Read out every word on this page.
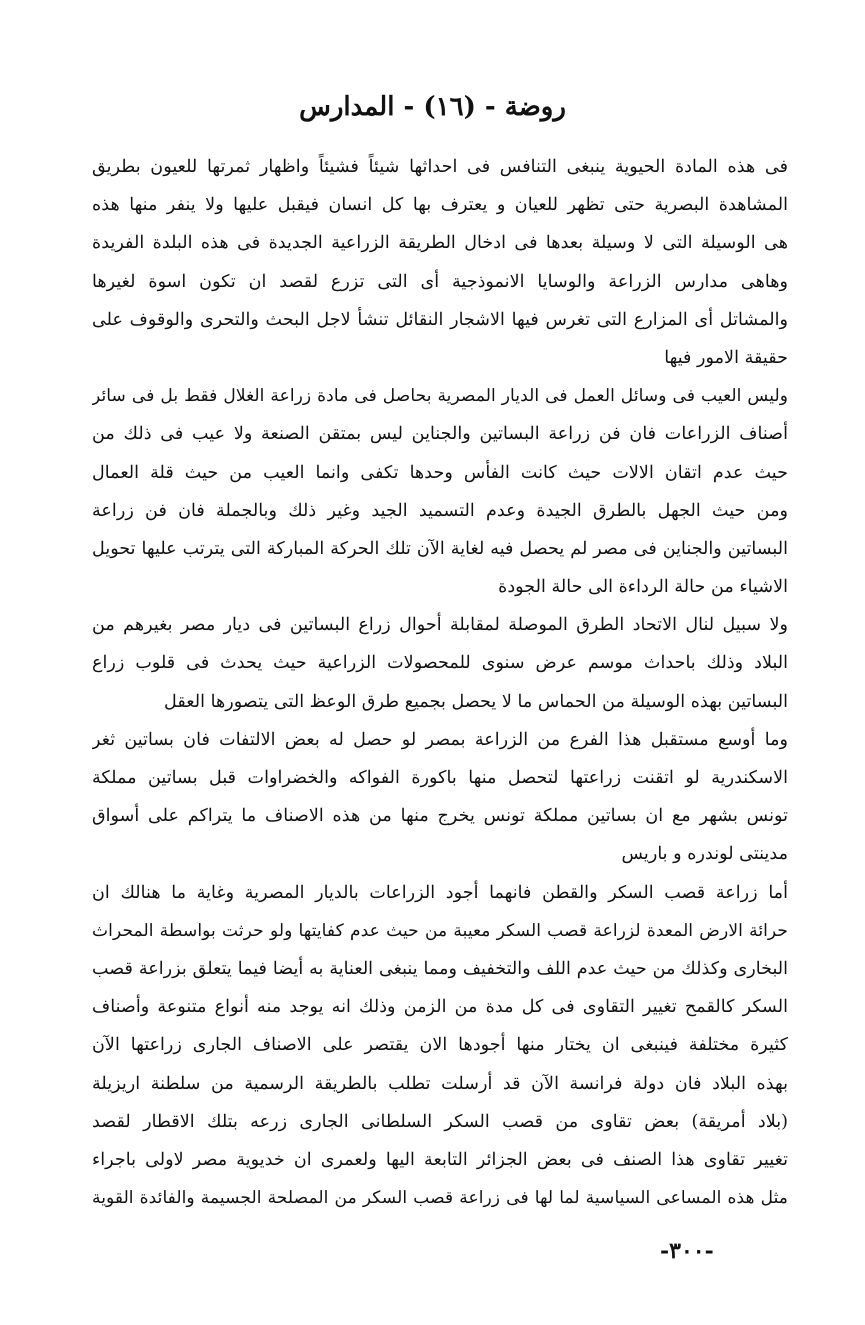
روضة - (١٦) - المدارس
فى هذه المادة الحيوية ينبغى التنافس فى احداثها شيئاً فشيئاً واظهار ثمرتها للعيون بطريق
المشاهدة البصرية حتى تظهر للعيان و يعترف بها كل انسان فيقبل عليها ولا ينفر منها هذه
هى الوسيلة التى لا وسيلة بعدها فى ادخال الطريقة الزراعية الجديدة فى هذه البلدة الفريدة
وهاهى مدارس الزراعة والوسايا الانموذجية أى التى تزرع لقصد ان تكون اسوة لغيرها
والمشاتل أى المزارع التى تغرس فيها الاشجار النقائل تنشأ لاجل البحث والتحرى والوقوف على
حقيقة الامور فيها
وليس العيب فى وسائل العمل فى الديار المصرية بحاصل فى مادة زراعة الغلال فقط بل فى سائر
أصناف الزراعات فان فن زراعة البساتين والجناين ليس بمتقن الصنعة ولا عيب فى ذلك من
حيث عدم اتقان الالات حيث كانت الفأس وحدها تكفى وانما العيب من حيث قلة العمال
ومن حيث الجهل بالطرق الجيدة وعدم التسميد الجيد وغير ذلك وبالجملة فان فن زراعة
البساتين والجناين فى مصر لم يحصل فيه لغاية الآن تلك الحركة المباركة التى يترتب عليها تحويل
الاشياء من حالة الرداءة الى حالة الجودة
ولا سبيل لنال الاتحاد الطرق الموصلة لمقابلة أحوال زراع البساتين فى ديار مصر بغيرهم من
البلاد وذلك باحداث موسم عرض سنوى للمحصولات الزراعية حيث يحدث فى قلوب زراع
البساتين بهذه الوسيلة من الحماس ما لا يحصل بجميع طرق الوعظ التى يتصورها العقل
وما أوسع مستقبل هذا الفرع من الزراعة بمصر لو حصل له بعض الالتفات فان بساتين ثغر
الاسكندرية لو اتقنت زراعتها لتحصل منها باكورة الفواكه والخضراوات قبل بساتين مملكة
تونس بشهر مع ان بساتين مملكة تونس يخرج منها من هذه الاصناف ما يتراكم على أسواق
مدينتى لوندره و باريس
أما زراعة قصب السكر والقطن فانهما أجود الزراعات بالديار المصرية وغاية ما هنالك ان
حرائة الارض المعدة لزراعة قصب السكر معيبة من حيث عدم كفايتها ولو حرثت بواسطة المحراث
البخارى وكذلك من حيث عدم اللف والتخفيف ومما ينبغى العناية به أيضا فيما يتعلق بزراعة قصب
السكر كالقمح تغيير التقاوى فى كل مدة من الزمن وذلك انه يوجد منه أنواع متنوعة وأصناف
كثيرة مختلفة فينبغى ان يختار منها أجودها الان يقتصر على الاصناف الجارى زراعتها الآن
بهذه البلاد فان دولة فرانسة الآن قد أرسلت تطلب بالطريقة الرسمية من سلطنة اريزيلة
(بلاد أمريقة) بعض تقاوى من قصب السكر السلطانى الجارى زرعه بتلك الاقطار لقصد
تغيير تقاوى هذا الصنف فى بعض الجزائر التابعة اليها ولعمرى ان خديوية مصر لاولى باجراء
مثل هذه المساعى السياسية لما لها فى زراعة قصب السكر من المصلحة الجسيمة والفائدة القوية
-٣٠٠-
